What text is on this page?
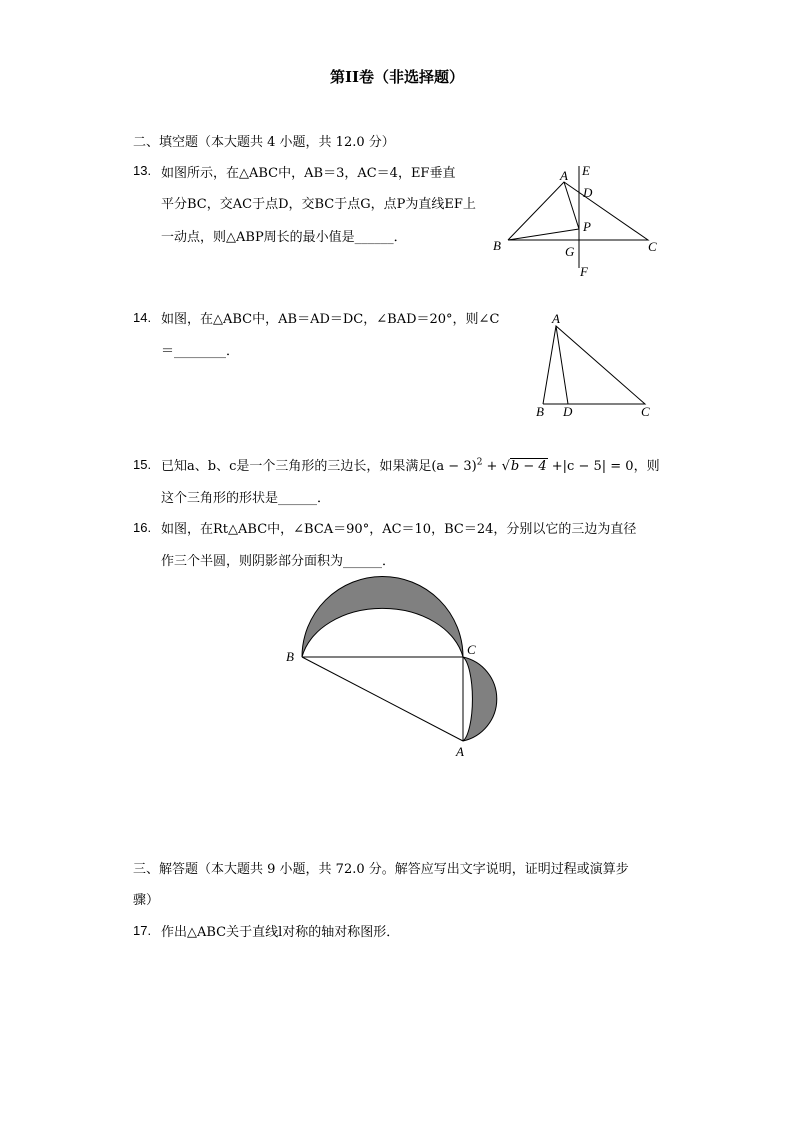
第II卷（非选择题）
二、填空题（本大题共 4 小题，共 12.0 分）
13. 如图所示，在△ABC中，AB＝3，AC＝4，EF垂直
平分BC，交AC于点D，交BC于点G，点P为直线EF上
一动点，则△ABP周长的最小值是______．
A
B	C
D
E
F
G
P
14. 如图，在△ABC中，AB＝AD＝DC，∠BAD＝20°，则∠C
＝________．
A
B D	C
15. 已知a、b、c是一个三角形的三边长，如果满足$(a - 3)^2 + √b - 4 +|c - 5| = 0$，则
这个三角形的形状是______．
16. 如图，在Rt△ABC中，∠BCA＝90°，AC＝10，BC＝24，分别以它的三边为直径
作三个半圆，则阴影部分面积为______．
B	C
A
三、解答题（本大题共 9 小题，共 72.0 分。解答应写出文字说明，证明过程或演算步
骤）
17. 作出△ABC关于直线l对称的轴对称图形．
